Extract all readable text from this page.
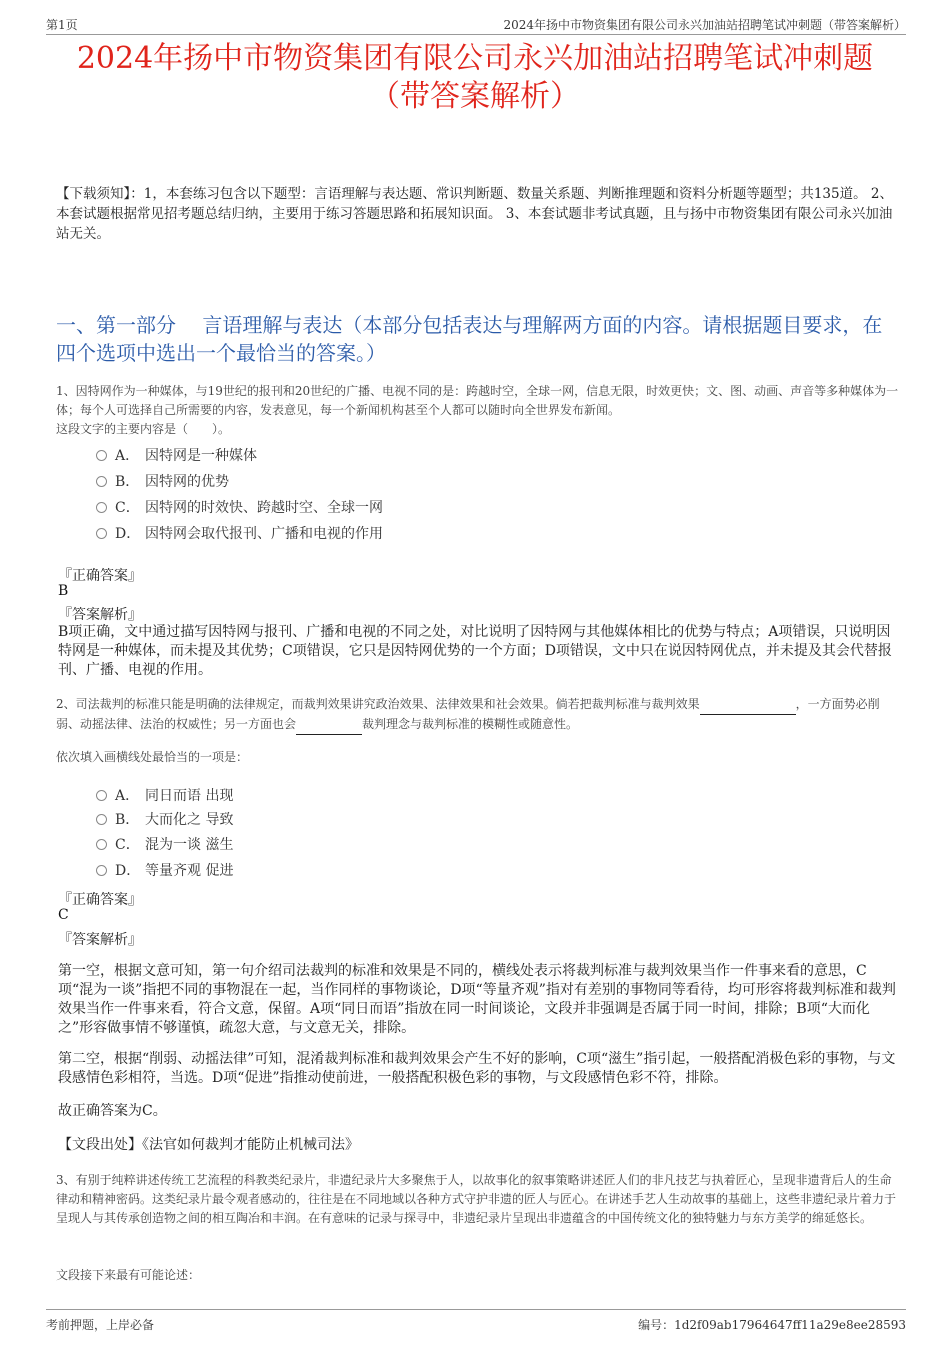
第1页	2024年扬中市物资集团有限公司永兴加油站招聘笔试冲刺题（带答案解析）
2024年扬中市物资集团有限公司永兴加油站招聘笔试冲刺题
（带答案解析）
【下载须知】：1，本套练习包含以下题型：言语理解与表达题、常识判断题、数量关系题、判断推理题和资料分析题等题型；共135道。 2、本套试题根据常见招考题总结归纳，主要用于练习答题思路和拓展知识面。 3、本套试题非考试真题，且与扬中市物资集团有限公司永兴加油站无关。
一、第一部分　 言语理解与表达（本部分包括表达与理解两方面的内容。请根据题目要求，在四个选项中选出一个最恰当的答案。）
1、因特网作为一种媒体，与19世纪的报刊和20世纪的广播、电视不同的是：跨越时空，全球一网，信息无限，时效更快；文、图、动画、声音等多种媒体为一体；每个人可选择自己所需要的内容，发表意见，每一个新闻机构甚至个人都可以随时向全世界发布新闻。
这段文字的主要内容是（　　）。
A． 因特网是一种媒体
B． 因特网的优势
C． 因特网的时效快、跨越时空、全球一网
D． 因特网会取代报刊、广播和电视的作用
『正确答案』
B
『答案解析』
B项正确，文中通过描写因特网与报刊、广播和电视的不同之处，对比说明了因特网与其他媒体相比的优势与特点；A项错误，只说明因特网是一种媒体，而未提及其优势；C项错误，它只是因特网优势的一个方面；D项错误，文中只在说因特网优点，并未提及其会代替报刊、广播、电视的作用。
2、司法裁判的标准只能是明确的法律规定，而裁判效果讲究政治效果、法律效果和社会效果。倘若把裁判标准与裁判效果	，一方面势必削弱、动摇法律、法治的权威性；另一方面也会	裁判理念与裁判标准的模糊性或随意性。
依次填入画横线处最恰当的一项是：
A． 同日而语 出现
B． 大而化之 导致
C． 混为一谈 滋生
D． 等量齐观 促进
『正确答案』
C
『答案解析』
第一空，根据文意可知，第一句介绍司法裁判的标准和效果是不同的，横线处表示将裁判标准与裁判效果当作一件事来看的意思，C项“混为一谈”指把不同的事物混在一起，当作同样的事物谈论，D项“等量齐观”指对有差别的事物同等看待，均可形容将裁判标准和裁判效果当作一件事来看，符合文意，保留。A项“同日而语”指放在同一时间谈论，文段并非强调是否属于同一时间，排除；B项“大而化之”形容做事情不够谨慎，疏忽大意，与文意无关，排除。
第二空，根据“削弱、动摇法律”可知，混淆裁判标准和裁判效果会产生不好的影响，C项“滋生”指引起，一般搭配消极色彩的事物，与文段感情色彩相符，当选。D项“促进”指推动使前进，一般搭配积极色彩的事物，与文段感情色彩不符，排除。
故正确答案为C。
【文段出处】《法官如何裁判才能防止机械司法》
3、有别于纯粹讲述传统工艺流程的科教类纪录片，非遗纪录片大多聚焦于人，以故事化的叙事策略讲述匠人们的非凡技艺与执着匠心，呈现非遗背后人的生命律动和精神密码。这类纪录片最令观者感动的，往往是在不同地域以各种方式守护非遗的匠人与匠心。在讲述手艺人生动故事的基础上，这些非遗纪录片着力于呈现人与其传承创造物之间的相互陶冶和丰润。在有意味的记录与探寻中，非遗纪录片呈现出非遗蕴含的中国传统文化的独特魅力与东方美学的绵延悠长。
文段接下来最有可能论述：
考前押题，上岸必备	编号：1d2f09ab17964647ff11a29e8ee28593
